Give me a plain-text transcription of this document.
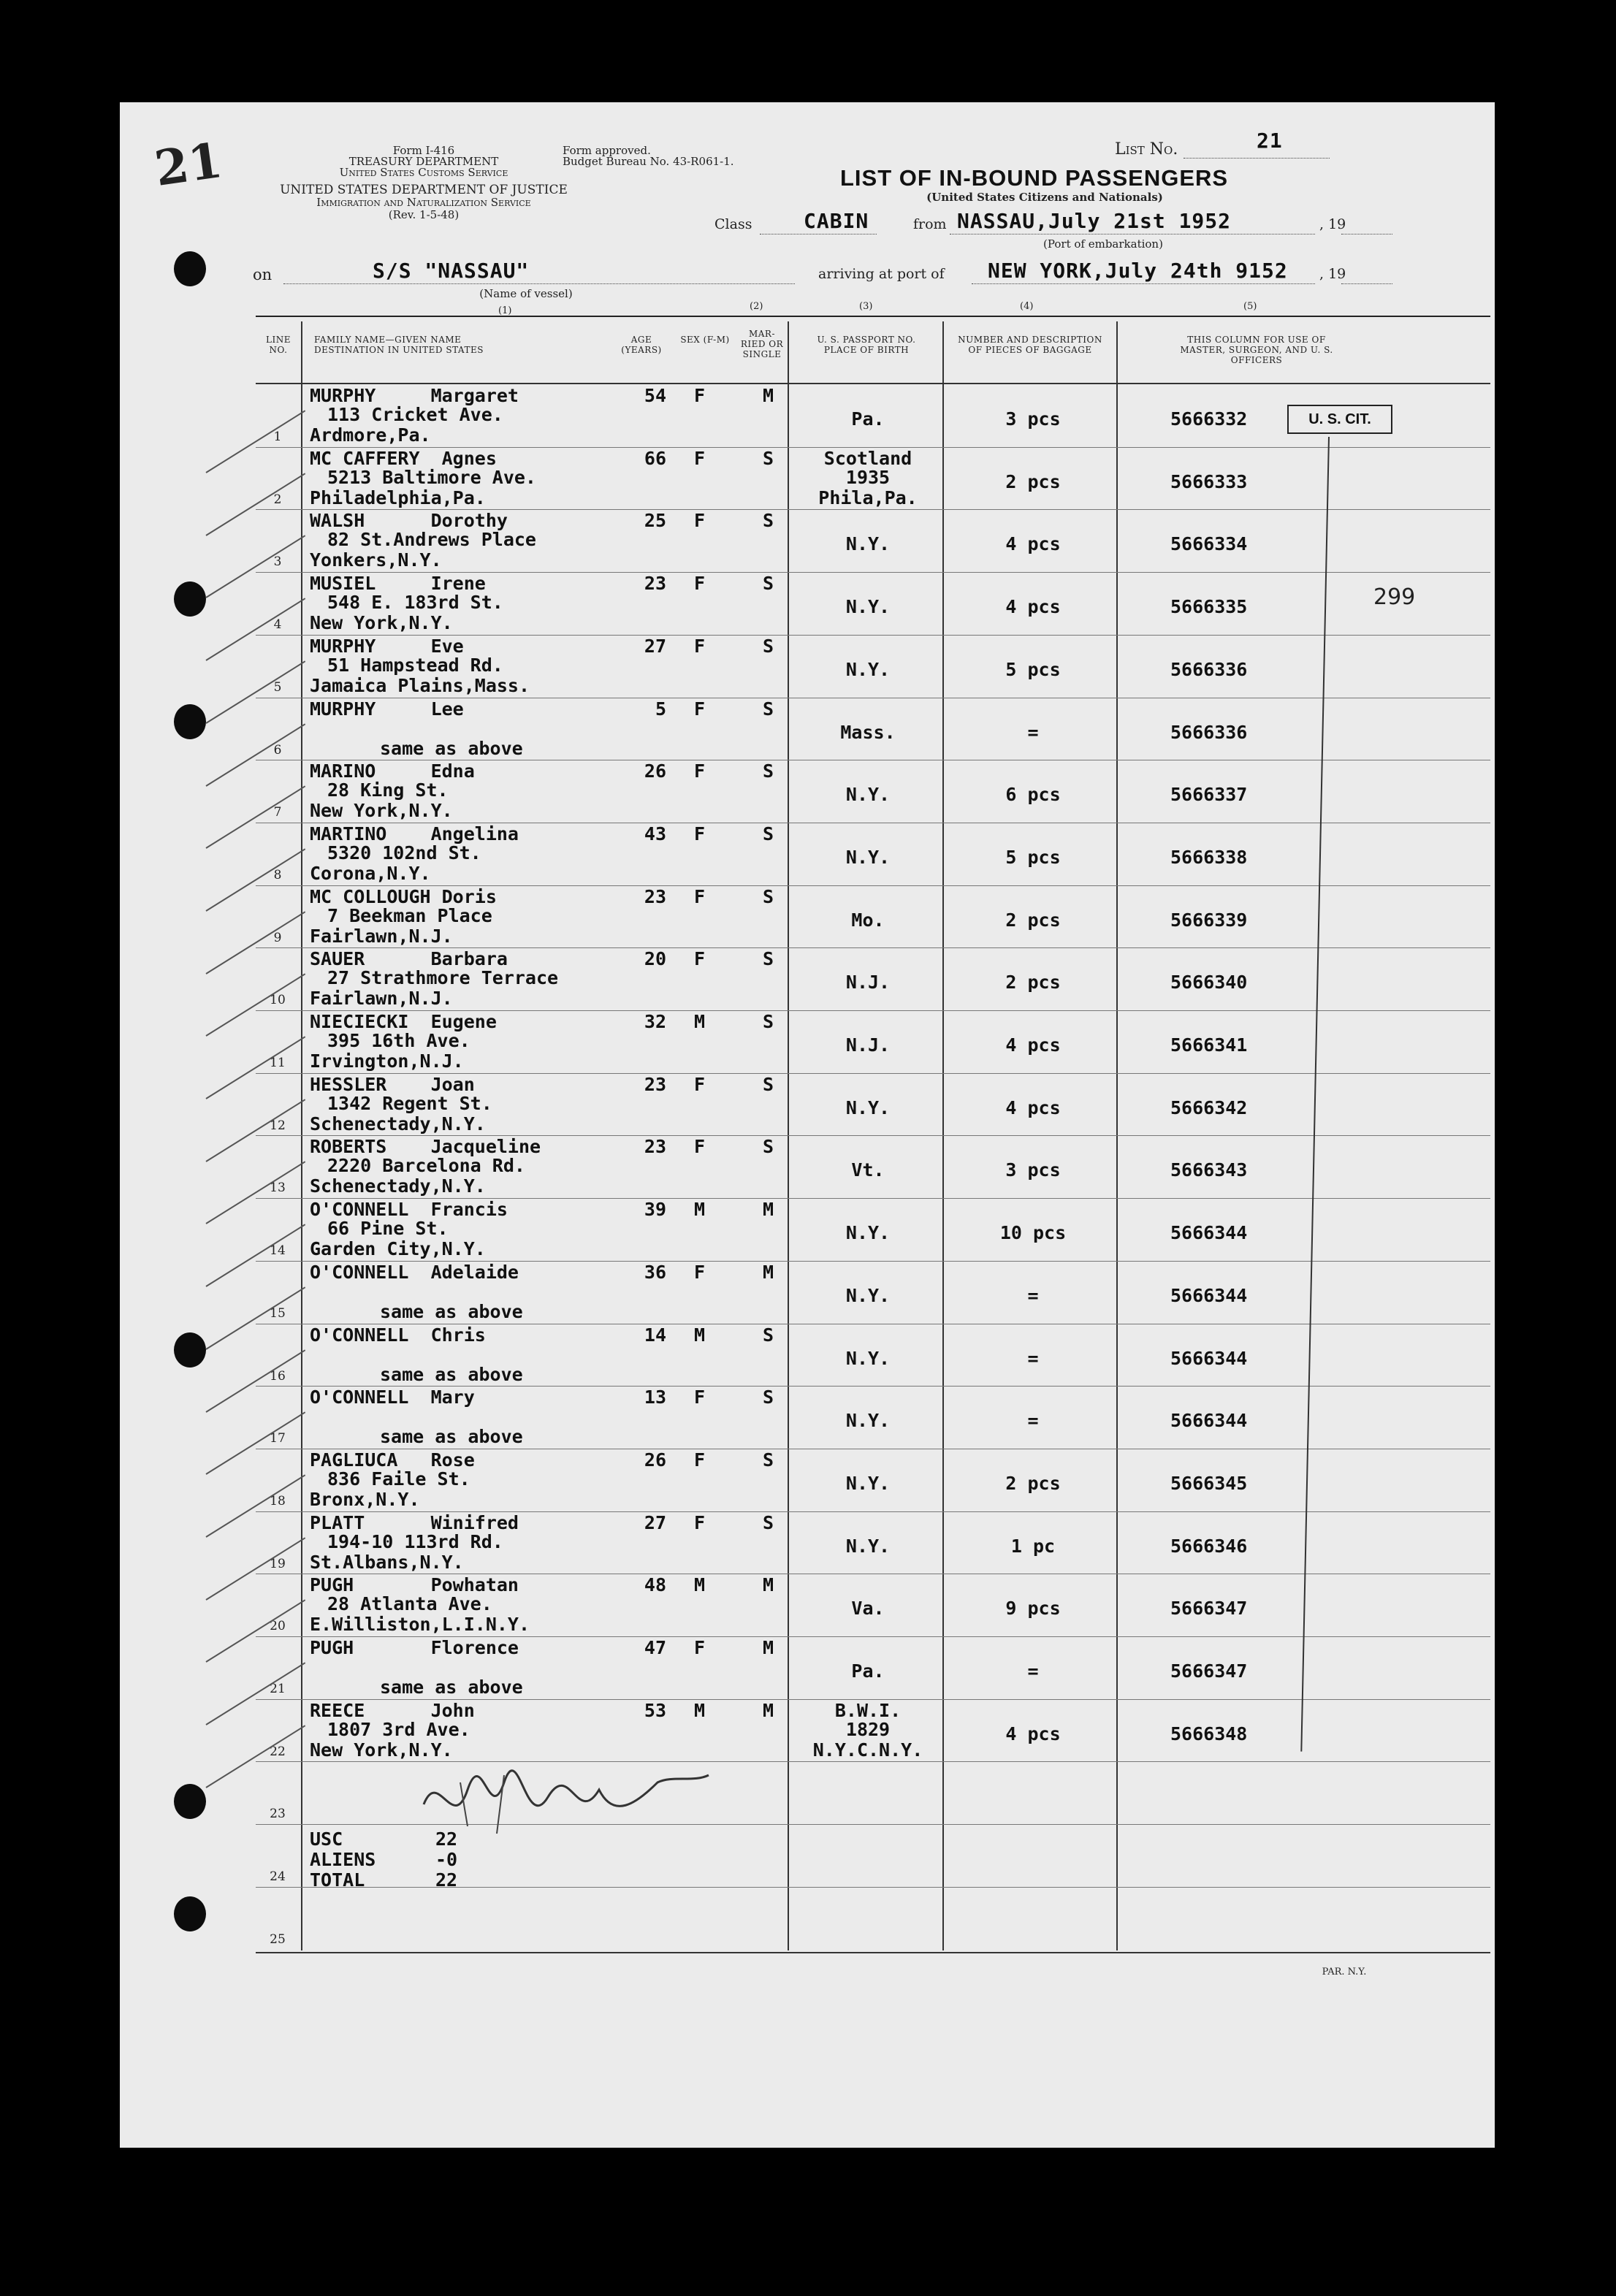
21	Form I-416
TREASURY DEPARTMENT
United States Customs Service
UNITED STATES DEPARTMENT OF JUSTICE
Immigration and Naturalization Service
(Rev. 1-5-48)
Form approved.
Budget Bureau No. 43-R061-1.
List No.	21
LIST OF IN-BOUND PASSENGERS
(United States Citizens and Nationals)
Class	CABIN	from NASSAU,July 21st 1952	, 19
(Port of embarkation)
on	S/S "NASSAU"
(Name of vessel)
arriving at port of NEW YORK,July 24th 9152 , 19
(1)	(2)	(3)	(4)	(5)
LINE NO.
FAMILY NAME—GIVEN NAME DESTINATION IN UNITED STATES
AGE (YEARS)
SEX (F-M)
MAR-RIED OR SINGLE
U. S. PASSPORT NO. PLACE OF BIRTH
NUMBER AND DESCRIPTION OF PIECES OF BAGGAGE
THIS COLUMN FOR USE OF MASTER, SURGEON, AND U. S. OFFICERS
1
MURPHY     Margaret
113 Cricket Ave.
Ardmore,Pa.
54 F	M
Pa.	3 pcs	5666332
2
MC CAFFERY  Agnes
5213 Baltimore Ave.
Philadelphia,Pa.
66 F	S	Scotland
1935
Phila,Pa.
2 pcs	5666333
3
WALSH      Dorothy
82 St.Andrews Place
Yonkers,N.Y.
25 F	S
N.Y.	4 pcs	5666334
4
MUSIEL     Irene
548 E. 183rd St.
New York,N.Y.
23 F	S
N.Y.	4 pcs	5666335
5
MURPHY     Eve
51 Hampstead Rd.
Jamaica Plains,Mass.
27 F	S
N.Y.	5 pcs	5666336
6
MURPHY     Lee
same as above
5 F	S
Mass.	=	5666336
7
MARINO     Edna
28 King St.
New York,N.Y.
26 F	S
N.Y.	6 pcs	5666337
8
MARTINO    Angelina
5320 102nd St.
Corona,N.Y.
43 F	S
N.Y.	5 pcs	5666338
9
MC COLLOUGH Doris
7 Beekman Place
Fairlawn,N.J.
23 F	S
Mo.	2 pcs	5666339
10
SAUER      Barbara
27 Strathmore Terrace
Fairlawn,N.J.
20 F	S
N.J.	2 pcs	5666340
11
NIECIECKI  Eugene
395 16th Ave.
Irvington,N.J.
32 M	S
N.J.	4 pcs	5666341
12
HESSLER    Joan
1342 Regent St.
Schenectady,N.Y.
23 F	S
N.Y.	4 pcs	5666342
13
ROBERTS    Jacqueline
2220 Barcelona Rd.
Schenectady,N.Y.
23 F	S
Vt.	3 pcs	5666343
14
O'CONNELL  Francis
66 Pine St.
Garden City,N.Y.
39 M	M
N.Y.	10 pcs	5666344
15
O'CONNELL  Adelaide
same as above
36 F	M
N.Y.	=	5666344
16
O'CONNELL  Chris
same as above
14 M	S
N.Y.	=	5666344
17
O'CONNELL  Mary
same as above
13 F	S
N.Y.	=	5666344
18
PAGLIUCA   Rose
836 Faile St.
Bronx,N.Y.
26 F	S
N.Y.	2 pcs	5666345
19
PLATT      Winifred
194-10 113rd Rd.
St.Albans,N.Y.
27 F	S
N.Y.	1 pc	5666346
20
PUGH       Powhatan
28 Atlanta Ave.
E.Williston,L.I.N.Y.
48 M	M
Va.	9 pcs	5666347
21
PUGH       Florence
same as above
47 F	M
Pa.	=	5666347
22
REECE      John
1807 3rd Ave.
New York,N.Y.
53 M	M	B.W.I.
1829
N.Y.C.N.Y.
4 pcs	5666348
23
24
25
U. S. CIT.
299
USC	22
ALIENS	-0
TOTAL	22
PAR. N.Y.
